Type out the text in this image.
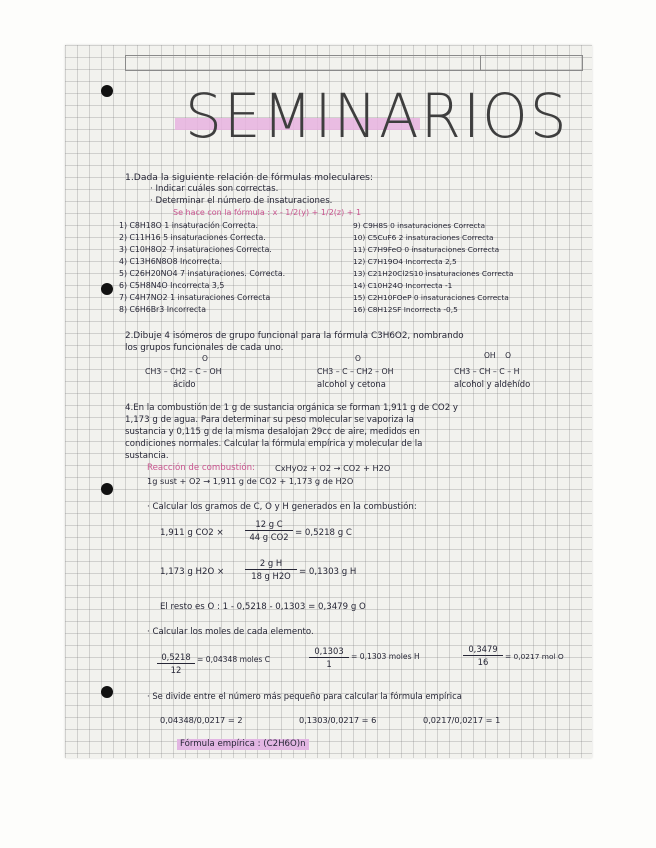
SEMINARIOS
1.Dada la siguiente relación de fórmulas moleculares:
· Indicar cuáles son correctas.
· Determinar el número de insaturaciones.
Se hace con la fórmula : x - 1/2(y) + 1/2(z) + 1
1) C8H18O 1 insaturación Correcta.
2) C11H16 5 insaturaciones Correcta.
3) C10H8O2 7 insaturaciones Correcta.
4) C13H6N8O8 Incorrecta.
5) C26H20NO4 7 insaturaciones. Correcta.
6) C5H8N4O Incorrecta 3,5
7) C4H7NO2 1 insaturaciones Correcta
8) C6H6Br3 Incorrecta
9) C9H8S 0 insaturaciones Correcta
10) C5CuF6 2 insaturaciones Correcta
11) C7H9FeO 0 insaturaciones Correcta
12) C7H19O4 Incorrecta 2,5
13) C21H20Cl2S10 insaturaciones Correcta
14) C10H24O Incorrecta -1
15) C2H10FOeP 0 insaturaciones Correcta
16) C8H12SF Incorrecta -0,5
2.Dibuje 4 isómeros de grupo funcional para la fórmula C3H6O2, nombrando
los grupos funcionales de cada uno.
O
CH3 – CH2 – C – OH
ácido
O
CH3 – C – CH2 – OH
alcohol y cetona
OH    O
CH3 – CH – C – H
alcohol y aldehído
4.En la combustión de 1 g de sustancia orgánica se forman 1,911 g de CO2 y
1,173 g de agua. Para determinar su peso molecular se vaporiza la
sustancia y 0,115 g de la misma desalojan 29cc de aire, medidos en
condiciones normales. Calcular la fórmula empírica y molecular de la
sustancia.
Reacción de combustión: CxHyOz + O2 → CO2 + H2O
1g sust + O2 → 1,911 g de CO2 + 1,173 g de H2O
· Calcular los gramos de C, O y H generados en la combustión:
1,911 g CO2 ×	$\frac{\text{12 g C}}{\text{44 g CO2}} = 0,5218$ g C
1,173 g $H2O \times \frac{\text{2 g H}}{\text{18 g H2O}} = 0,1303$ g H
El resto es O : 1 - 0,5218 - 0,1303 = 0,3479 g O
· Calcular los moles de cada elemento.
$\frac{0,5218}{12} = 0,04348$ moles C	$\frac{0,1303}{1} = 0,1303$ moles H	$\frac{0,3479}{16} = 0,0217$ mol O
· Se divide entre el número más pequeño para calcular la fórmula empírica
0,04348/0,0217 = 2	0,1303/0,0217 = 6	0,0217/0,0217 = 1
Fórmula empírica : (C2H6O)n
